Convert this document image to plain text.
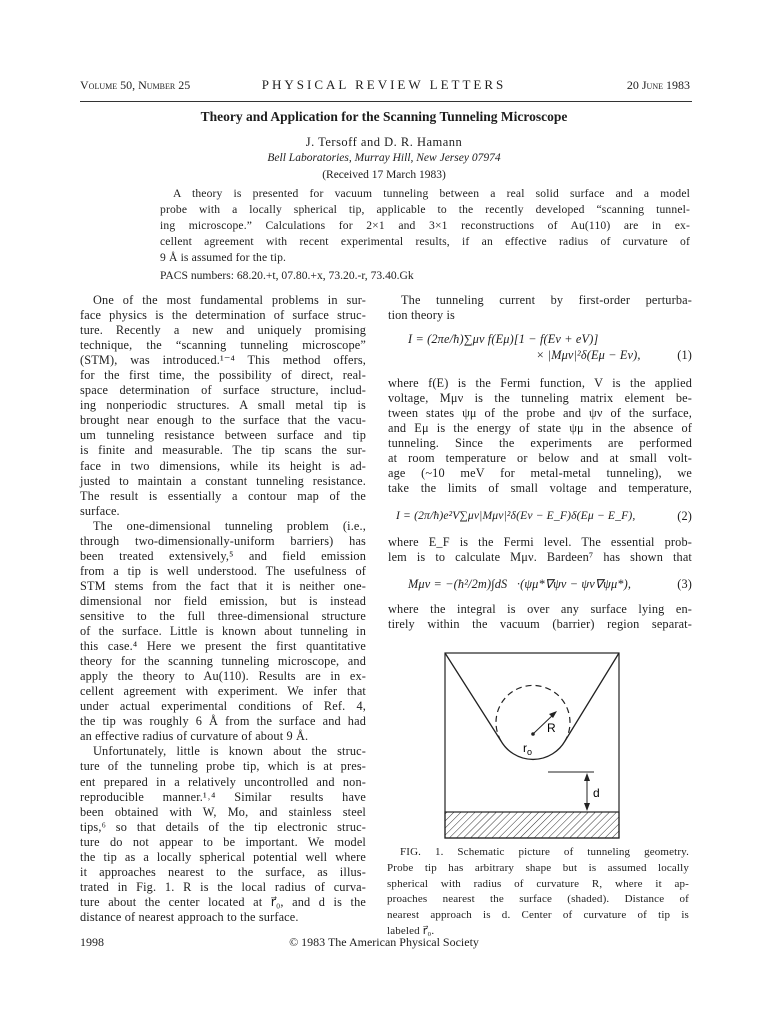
Volume 50, Number 25	PHYSICAL REVIEW LETTERS	20 June 1983
Theory and Application for the Scanning Tunneling Microscope
J. Tersoff and D. R. Hamann
Bell Laboratories, Murray Hill, New Jersey 07974
(Received 17 March 1983)
A theory is presented for vacuum tunneling between a real solid surface and a model
probe with a locally spherical tip, applicable to the recently developed “scanning tunnel-
ing microscope.” Calculations for 2×1 and 3×1 reconstructions of Au(110) are in ex-
cellent agreement with recent experimental results, if an effective radius of curvature of
9 Å is assumed for the tip.
PACS numbers: 68.20.+t, 07.80.+x, 73.20.-r, 73.40.Gk
One of the most fundamental problems in sur-
face physics is the determination of surface struc-
ture. Recently a new and uniquely promising
technique, the “scanning tunneling microscope”
(STM), was introduced.¹⁻⁴ This method offers,
for the first time, the possibility of direct, real-
space determination of surface structure, includ-
ing nonperiodic structures. A small metal tip is
brought near enough to the surface that the vacu-
um tunneling resistance between surface and tip
is finite and measurable. The tip scans the sur-
face in two dimensions, while its height is ad-
justed to maintain a constant tunneling resistance.
The result is essentially a contour map of the
surface.
The one-dimensional tunneling problem (i.e.,
through two-dimensionally-uniform barriers) has
been treated extensively,⁵ and field emission
from a tip is well understood. The usefulness of
STM stems from the fact that it is neither one-
dimensional nor field emission, but is instead
sensitive to the full three-dimensional structure
of the surface. Little is known about tunneling in
this case.⁴ Here we present the first quantitative
theory for the scanning tunneling microscope, and
apply the theory to Au(110). Results are in ex-
cellent agreement with experiment. We infer that
under actual experimental conditions of Ref. 4,
the tip was roughly 6 Å from the surface and had
an effective radius of curvature of about 9 Å.
Unfortunately, little is known about the struc-
ture of the tunneling probe tip, which is at pres-
ent prepared in a relatively uncontrolled and non-
reproducible manner.¹˒⁴ Similar results have
been obtained with W, Mo, and stainless steel
tips,⁶ so that details of the tip electronic struc-
ture do not appear to be important. We model
the tip as a locally spherical potential well where
it approaches nearest to the surface, as illus-
trated in Fig. 1. R is the local radius of curva-
ture about the center located at r⃗₀, and d is the
distance of nearest approach to the surface.
The tunneling current by first-order perturba-
tion theory is
I = (2πe/ħ)∑μν f(Eμ)[1 − f(Eν + eV)]
× |Mμν|²δ(Eμ − Eν),	(1)
where f(E) is the Fermi function, V is the applied
voltage, Mμν is the tunneling matrix element be-
tween states ψμ of the probe and ψν of the surface,
and Eμ is the energy of state ψμ in the absence of
tunneling. Since the experiments are performed
at room temperature or below and at small volt-
age (~10 meV for metal-metal tunneling), we
take the limits of small voltage and temperature,
I = (2π/ħ)e²V∑μν|Mμν|²δ(Eν − E_F)δ(Eμ − E_F),	(2)
where E_F is the Fermi level. The essential prob-
lem is to calculate Mμν. Bardeen⁷ has shown that
Mμν = −(ħ²/2m)∫dS⃗·(ψμ*∇ψν − ψν∇ψμ*),	(3)
where the integral is over any surface lying en-
tirely within the vacuum (barrier) region separat-
R
$r_o$
d
FIG. 1. Schematic picture of tunneling geometry.
Probe tip has arbitrary shape but is assumed locally
spherical with radius of curvature R, where it ap-
proaches nearest the surface (shaded). Distance of
nearest approach is d. Center of curvature of tip is
labeled r⃗₀.
1998	© 1983 The American Physical Society
